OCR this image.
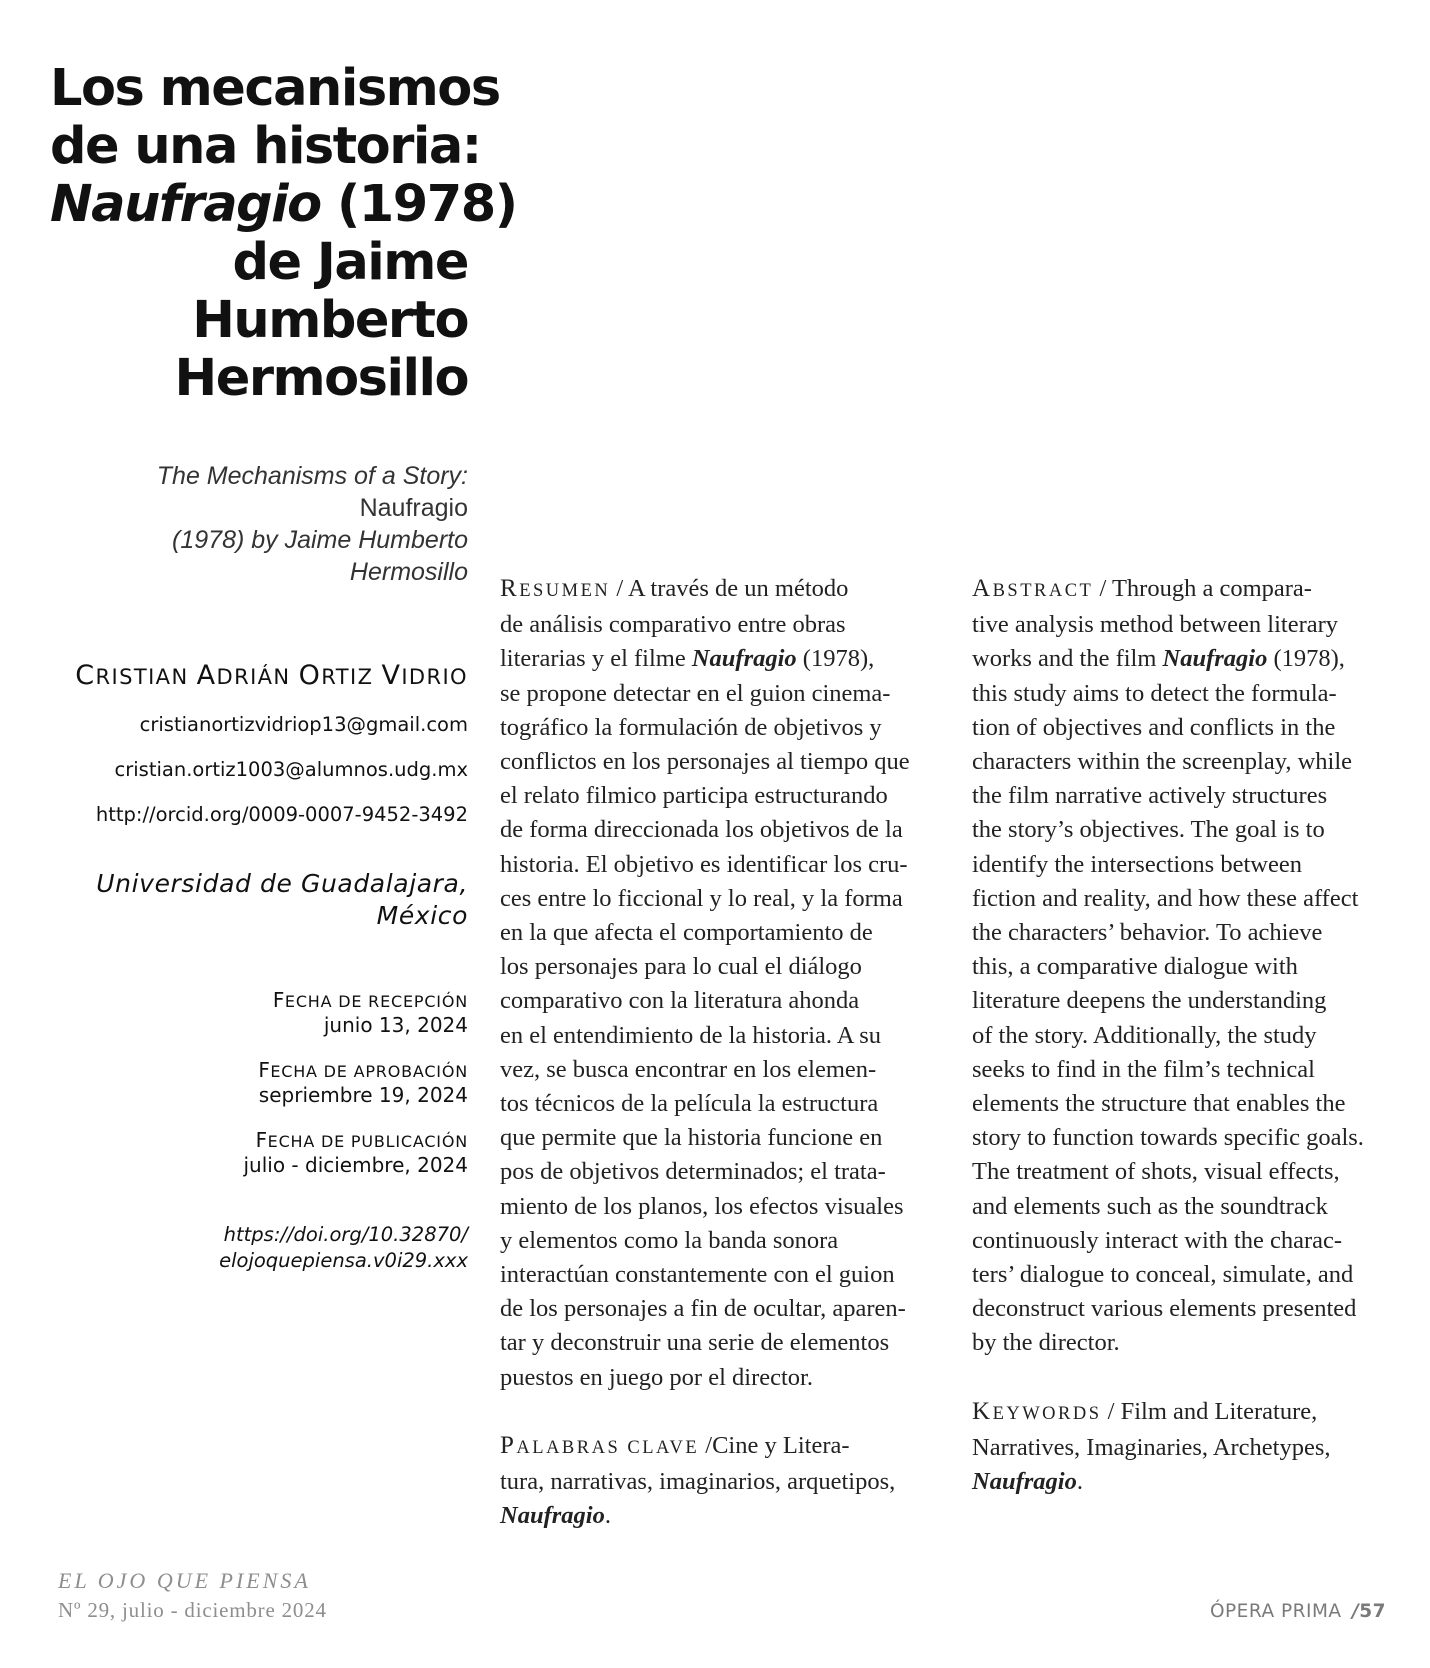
Los mecanismos
de una historia:
Naufragio (1978)
de Jaime
Humberto
Hermosillo
The Mechanisms of a Story: Naufragio
(1978) by Jaime Humberto Hermosillo
CRISTIAN ADRIÁN ORTIZ VIDRIO
cristianortizvidriop13@gmail.com
cristian.ortiz1003@alumnos.udg.mx
http://orcid.org/0009-0007-9452-3492
Universidad de Guadalajara,
México
FECHA DE RECEPCIÓN
junio 13, 2024
FECHA DE APROBACIÓN
sepriembre 19, 2024
FECHA DE PUBLICACIÓN
julio - diciembre, 2024
https://doi.org/10.32870/
elojoquepiensa.v0i29.xxx
RESUMEN / A través de un método
de análisis comparativo entre obras
literarias y el filme Naufragio (1978),
se propone detectar en el guion cinema-
tográfico la formulación de objetivos y
conflictos en los personajes al tiempo que
el relato filmico participa estructurando
de forma direccionada los objetivos de la
historia. El objetivo es identificar los cru-
ces entre lo ficcional y lo real, y la forma
en la que afecta el comportamiento de
los personajes para lo cual el diálogo
comparativo con la literatura ahonda
en el entendimiento de la historia. A su
vez, se busca encontrar en los elemen-
tos técnicos de la película la estructura
que permite que la historia funcione en
pos de objetivos determinados; el trata-
miento de los planos, los efectos visuales
y elementos como la banda sonora
interactúan constantemente con el guion
de los personajes a fin de ocultar, aparen-
tar y deconstruir una serie de elementos
puestos en juego por el director.
PALABRAS CLAVE /Cine y Litera-
tura, narrativas, imaginarios, arquetipos,
Naufragio.
ABSTRACT / Through a compara-
tive analysis method between literary
works and the film Naufragio (1978),
this study aims to detect the formula-
tion of objectives and conflicts in the
characters within the screenplay, while
the film narrative actively structures
the story’s objectives. The goal is to
identify the intersections between
fiction and reality, and how these affect
the characters’ behavior. To achieve
this, a comparative dialogue with
literature deepens the understanding
of the story. Additionally, the study
seeks to find in the film’s technical
elements the structure that enables the
story to function towards specific goals.
The treatment of shots, visual effects,
and elements such as the soundtrack
continuously interact with the charac-
ters’ dialogue to conceal, simulate, and
deconstruct various elements presented
by the director.
KEYWORDS / Film and Literature,
Narratives, Imaginaries, Archetypes,
Naufragio.
EL OJO QUE PIENSA
Nº 29, julio - diciembre 2024	ÓPERA PRIMA /57
